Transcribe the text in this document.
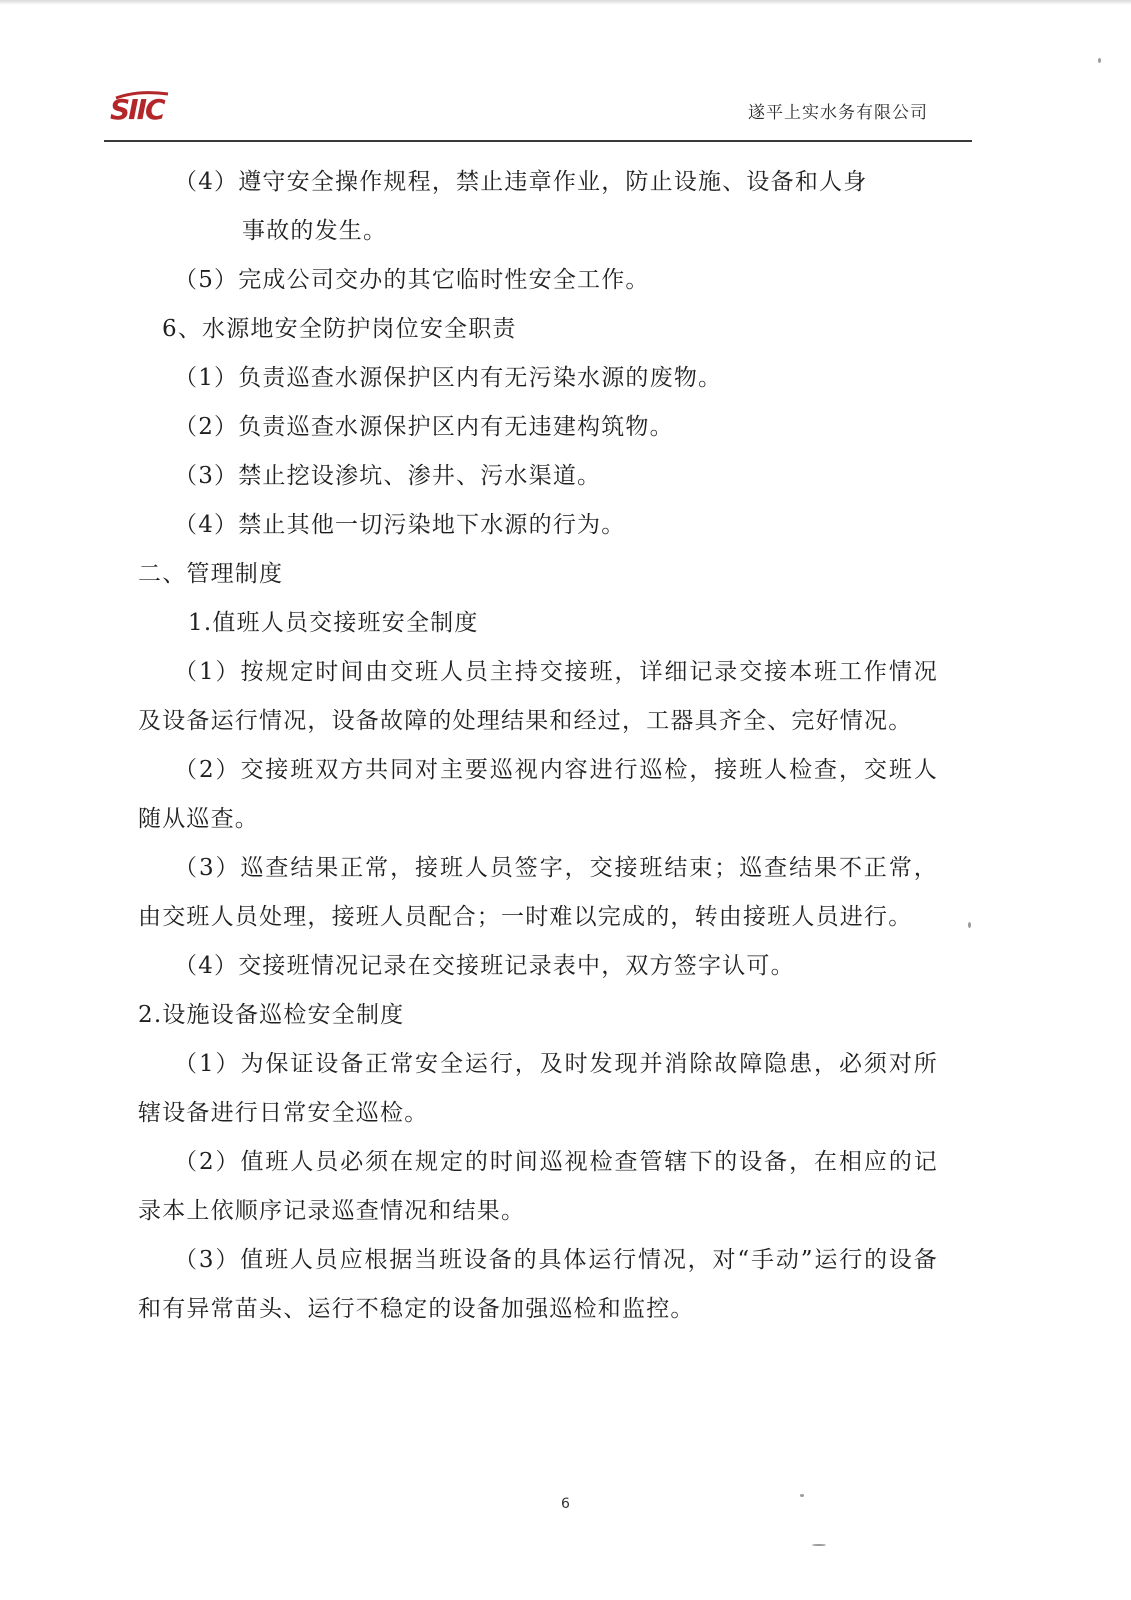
SIIC	遂平上实水务有限公司

（4）遵守安全操作规程，禁止违章作业，防止设施、设备和人身
事故的发生。

（5）完成公司交办的其它临时性安全工作。

6、水源地安全防护岗位安全职责

（1）负责巡查水源保护区内有无污染水源的废物。

（2）负责巡查水源保护区内有无违建构筑物。

（3）禁止挖设渗坑、渗井、污水渠道。

（4）禁止其他一切污染地下水源的行为。

二、管理制度

1.值班人员交接班安全制度

（1）按规定时间由交班人员主持交接班，详细记录交接本班工作情况及设备运行情况，设备故障的处理结果和经过，工器具齐全、完好情况。

（2）交接班双方共同对主要巡视内容进行巡检，接班人检查，交班人随从巡查。

（3）巡查结果正常，接班人员签字，交接班结束；巡查结果不正常，由交班人员处理，接班人员配合；一时难以完成的，转由接班人员进行。

（4）交接班情况记录在交接班记录表中，双方签字认可。

2.设施设备巡检安全制度

（1）为保证设备正常安全运行，及时发现并消除故障隐患，必须对所辖设备进行日常安全巡检。

（2）值班人员必须在规定的时间巡视检查管辖下的设备，在相应的记录本上依顺序记录巡查情况和结果。

（3）值班人员应根据当班设备的具体运行情况，对“手动”运行的设备和有异常苗头、运行不稳定的设备加强巡检和监控。

6
